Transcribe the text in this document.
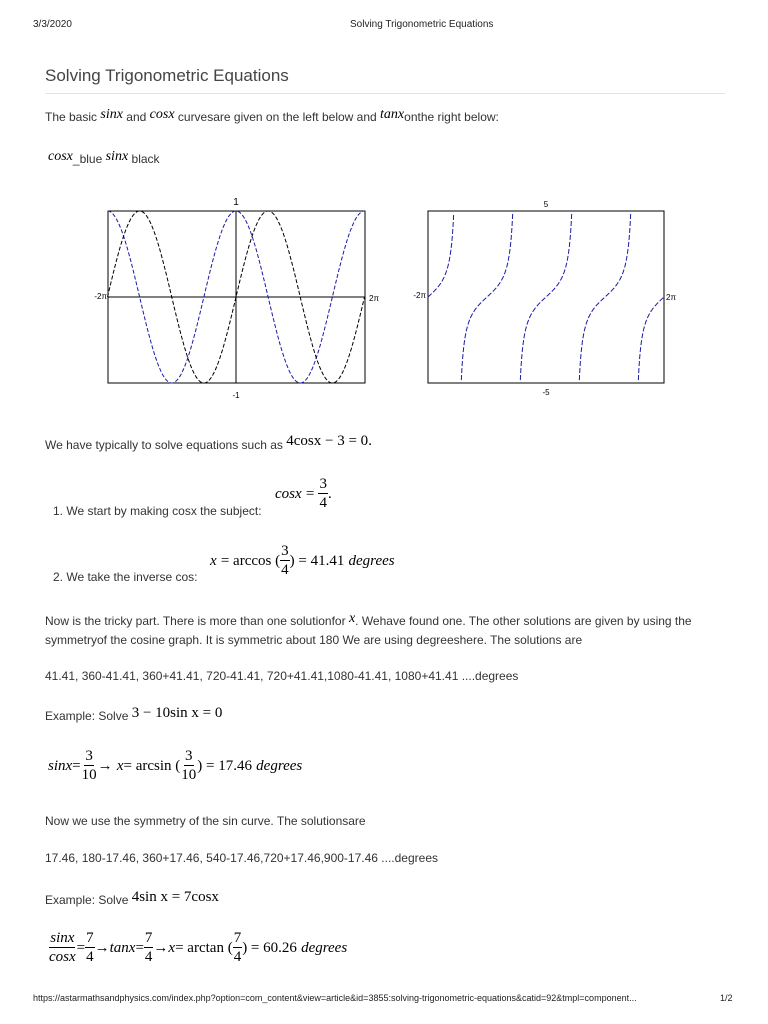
3/3/2020	Solving Trigonometric Equations
Solving Trigonometric Equations
The basic sinx and cosx curvesare given on the left below and tanxonthe right below:
cosx_blue sinx black
1
-1
-2π	2π
5
-5
-2π	2π
We have typically to solve equations such as 4cosx − 3 = 0.
1. We start by making cosx the subject:
$\cos x = \frac{3}{4}$ .
2. We take the inverse cos:
x = arccos ( $\frac{3}{4}$ ) = 41.41 degrees
Now is the tricky part. There is more than one solutionfor x. Wehave found one. The other solutions are given by using the
symmetryof the cosine graph. It is symmetric about 180 We are using degreeshere. The solutions are
41.41, 360-41.41, 360+41.41, 720-41.41, 720+41.41,1080-41.41, 1080+41.41 ....degrees
Example: Solve 3 − 10sin x = 0
$\sin x= \frac{3}{10} \to x= \arcsin$ ( $\frac{3}{10}$ ) = 17.46 degrees
Now we use the symmetry of the sin curve. The solutionsare
17.46, 180-17.46, 360+17.46, 540-17.46,720+17.46,900-17.46 ....degrees
Example: Solve 4sin x = 7cosx
$\frac{\sin x}{\cos x} = \frac{7}{4} \to\tan x= \frac{7}{4} \to x= \arctan$ ( $\frac{7}{4}$ ) = 60.26 degrees
https://astarmathsandphysics.com/index.php?option=com_content&view=article&id=3855:solving-trigonometric-equations&catid=92&tmpl=component...	1/2
